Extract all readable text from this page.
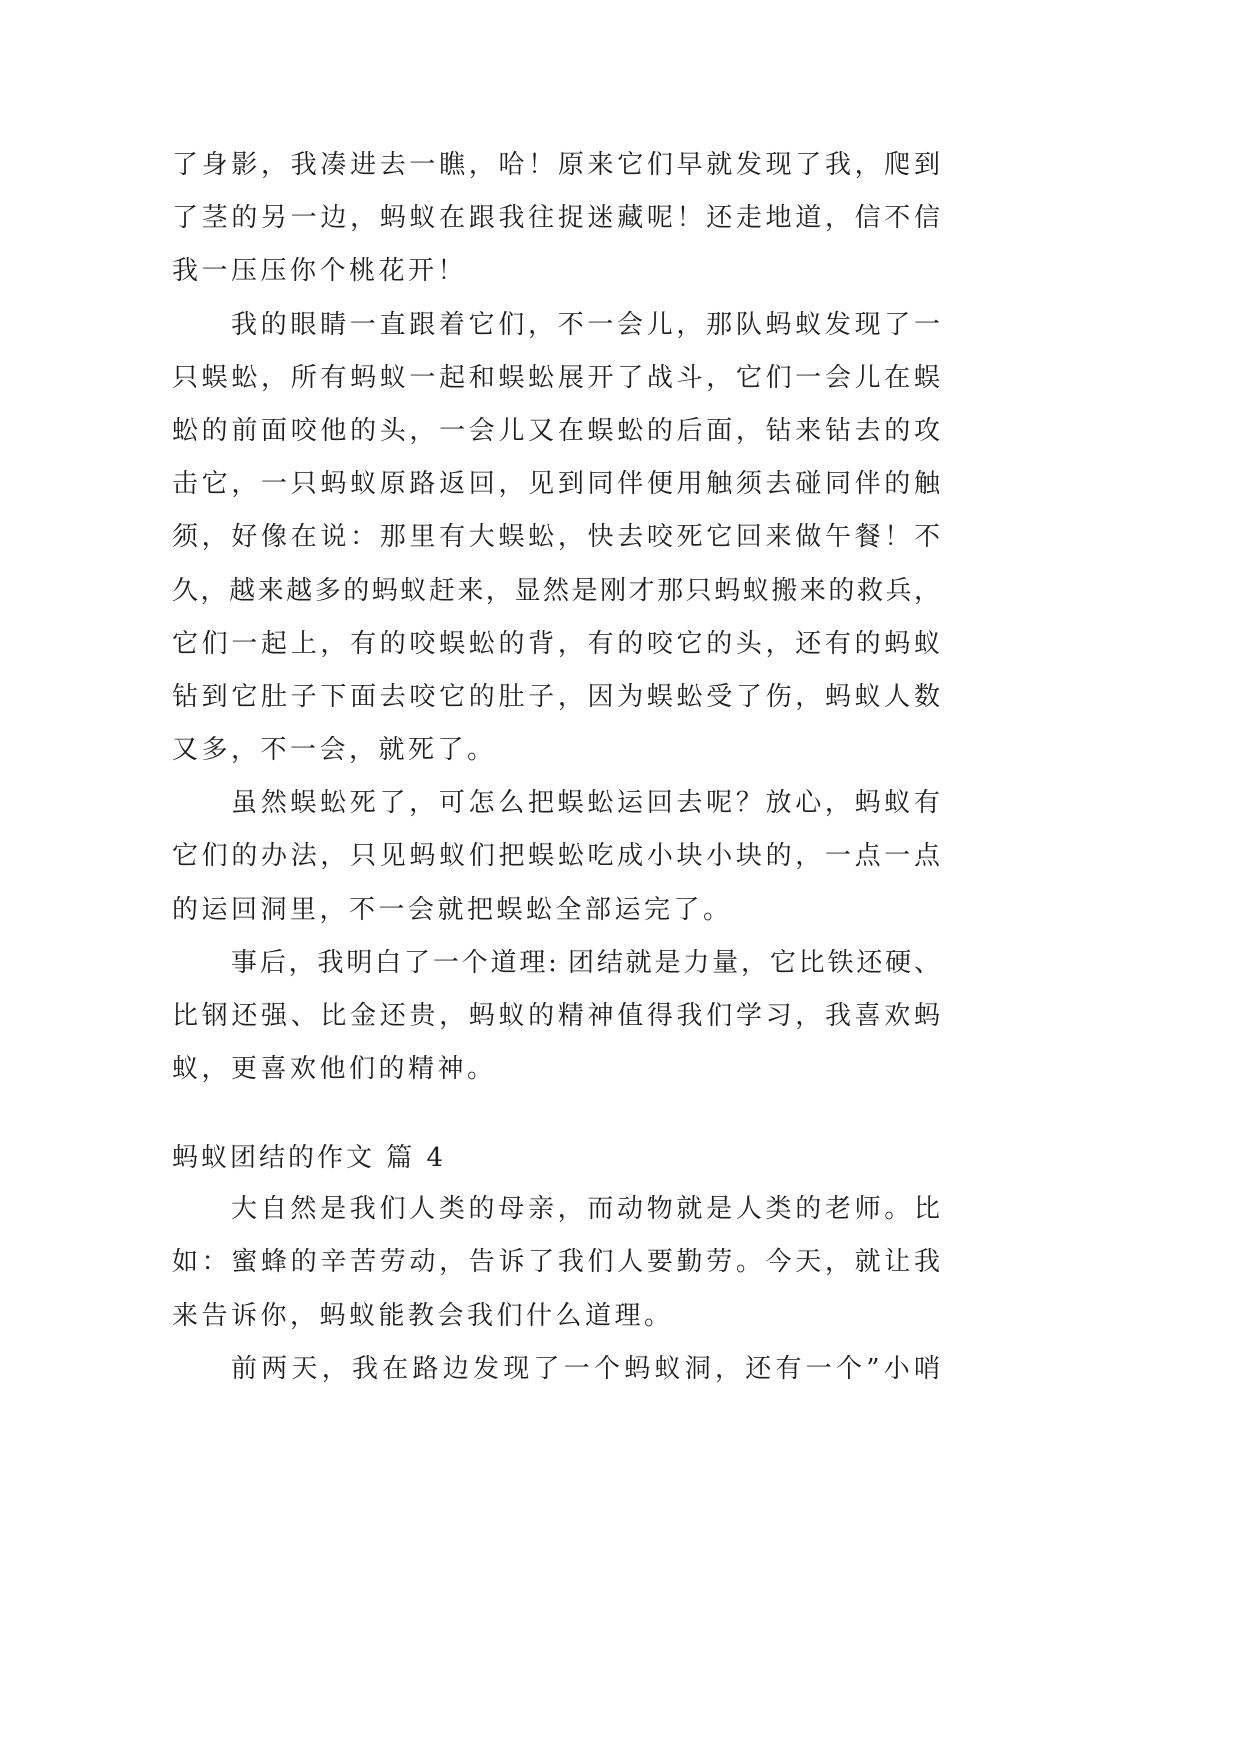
了身影，我凑进去一瞧，哈！原来它们早就发现了我，爬到
了茎的另一边，蚂蚁在跟我往捉迷藏呢！还走地道，信不信
我一压压你个桃花开！
我的眼睛一直跟着它们，不一会儿，那队蚂蚁发现了一
只蜈蚣，所有蚂蚁一起和蜈蚣展开了战斗，它们一会儿在蜈
蚣的前面咬他的头，一会儿又在蜈蚣的后面，钻来钻去的攻
击它，一只蚂蚁原路返回，见到同伴便用触须去碰同伴的触
须，好像在说：那里有大蜈蚣，快去咬死它回来做午餐！不
久，越来越多的蚂蚁赶来，显然是刚才那只蚂蚁搬来的救兵，
它们一起上，有的咬蜈蚣的背，有的咬它的头，还有的蚂蚁
钻到它肚子下面去咬它的肚子，因为蜈蚣受了伤，蚂蚁人数
又多，不一会，就死了。
虽然蜈蚣死了，可怎么把蜈蚣运回去呢？放心，蚂蚁有
它们的办法，只见蚂蚁们把蜈蚣吃成小块小块的，一点一点
的运回洞里，不一会就把蜈蚣全部运完了。
事后，我明白了一个道理: 团结就是力量，它比铁还硬、
比钢还强、比金还贵，蚂蚁的精神值得我们学习，我喜欢蚂
蚁，更喜欢他们的精神。
蚂蚁团结的作文 篇 4
大自然是我们人类的母亲，而动物就是人类的老师。比
如：蜜蜂的辛苦劳动，告诉了我们人要勤劳。今天，就让我
来告诉你，蚂蚁能教会我们什么道理。
前两天，我在路边发现了一个蚂蚁洞，还有一个”小哨
